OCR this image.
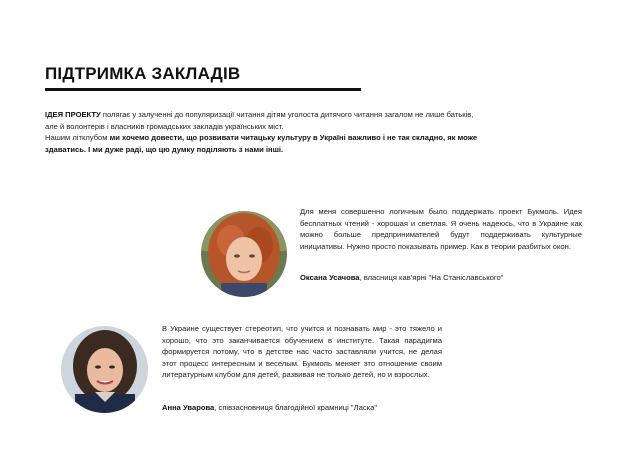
ПІДТРИМКА ЗАКЛАДІВ
ІДЕЯ ПРОЕКТУ полягає у залученні до популяризації читання дітям уголоста дитячого читання загалом не лише батьків, але й волонтерів і власників громадських закладів українських міст.
Нашим літклубом ми хочемо довести, що розвивати читацьку культуру в Україні важливо і не так складно, як може здаватись. І ми дуже раді, що цю думку поділяють з нами інші.
Для меня совершенно логичным было поддержать проект Букмоль. Идея бесплатных чтений - хорошая и светлая. Я очень надеюсь, что в Украине как можно больше предпринимателей будут поддерживать культурные инициативы. Нужно просто показывать пример. Как в теории разбитых окон.
Оксана Усачова, власниця кав'ярні "На Станіславського"
В Украине существует стереотип, что учится и познавать мир - это тяжело и хорошо, что это заканчивается обучением в институте. Такая парадигма формируется потому, что в детстве нас часто заставляли учится, не делая этот процесс интересным и веселым. Букмоль меняет это отношение своим литературным клубом для детей, развивая не только детей, но и взрослых.
Анна Уварова, співзасновниця благодійної крамниці "Ласка"
